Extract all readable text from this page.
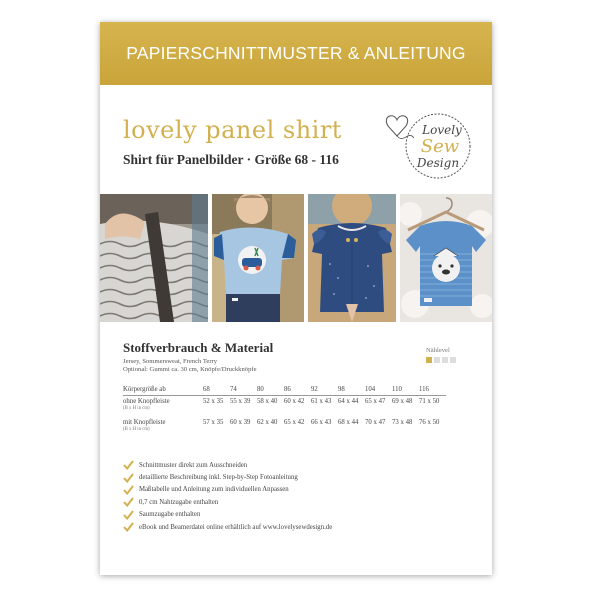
PAPIERSCHNITTMUSTER & ANLEITUNG
lovely panel shirt
Shirt für Panelbilder · Größe 68 - 116
Lovely
Sew
Design
Stoffverbrauch & Material
Jersey, Sommersweat, French Terry
Optional: Gummi ca. 30 cm, Knöpfe/Druckknöpfe
Nählevel
Körpergröße ab	68	74	80	86	92	98	104	110	116

ohne Knopfleiste
(B x H in cm)	52 x 35	55 x 39	58 x 40	60 x 42	61 x 43	64 x 44	65 x 47	69 x 48	71 x 50
mit Knopfleiste
(B x H in cm)	57 x 35	60 x 39	62 x 40	65 x 42	66 x 43	68 x 44	70 x 47	73 x 48	76 x 50
Schnittmuster direkt zum Ausschneiden
detaillierte Beschreibung inkl. Step-by-Step Fotoanleitung
Maßtabelle und Anleitung zum individuellen Anpassen
0,7 cm Nahtzugabe enthalten
Saumzugabe enthalten
eBook und Beamerdatei online erhältlich auf www.lovelysewdesign.de
